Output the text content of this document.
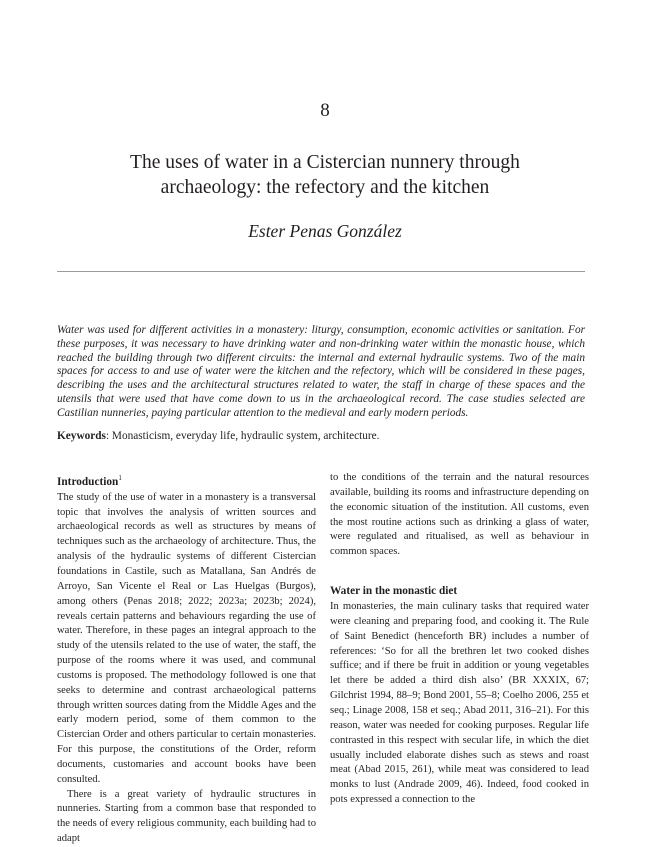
8
The uses of water in a Cistercian nunnery through
archaeology: the refectory and the kitchen
Ester Penas González

Water was used for different activities in a monastery: liturgy, consumption, economic activities or sanitation. For these purposes, it was necessary to have drinking water and non-drinking water within the monastic house, which reached the building through two different circuits: the internal and external hydraulic systems. Two of the main spaces for access to and use of water were the kitchen and the refectory, which will be considered in these pages, describing the uses and the architectural structures related to water, the staff in charge of these spaces and the utensils that were used that have come down to us in the archaeological record. The case studies selected are Castilian nunneries, paying particular attention to the medieval and early modern periods.

Keywords: Monasticism, everyday life, hydraulic system, architecture.

Introduction$^1$

The study of the use of water in a monastery is a transversal topic that involves the analysis of written sources and archaeological records as well as structures by means of techniques such as the archaeology of architecture. Thus, the analysis of the hydraulic systems of different Cistercian foundations in Castile, such as Matallana, San Andrés de Arroyo, San Vicente el Real or Las Huelgas (Burgos), among others (Penas 2018; 2022; 2023a; 2023b; 2024), reveals certain patterns and behaviours regarding the use of water. Therefore, in these pages an integral approach to the study of the utensils related to the use of water, the staff, the purpose of the rooms where it was used, and communal customs is proposed. The methodology followed is one that seeks to determine and contrast archaeological patterns through written sources dating from the Middle Ages and the early modern period, some of them common to the Cistercian Order and others particular to certain monasteries. For this purpose, the constitutions of the Order, reform documents, customaries and account books have been consulted.

There is a great variety of hydraulic structures in nunneries. Starting from a common base that responded to the needs of every religious community, each building had to adapt

to the conditions of the terrain and the natural resources available, building its rooms and infrastructure depending on the economic situation of the institution. All customs, even the most routine actions such as drinking a glass of water, were regulated and ritualised, as well as behaviour in common spaces.

Water in the monastic diet

In monasteries, the main culinary tasks that required water were cleaning and preparing food, and cooking it. The Rule of Saint Benedict (henceforth BR) includes a number of references: ‘So for all the brethren let two cooked dishes suffice; and if there be fruit in addition or young vegetables let there be added a third dish also’ (BR XXXIX, 67; Gilchrist 1994, 88–9; Bond 2001, 55–8; Coelho 2006, 255 et seq.; Linage 2008, 158 et seq.; Abad 2011, 316–21). For this reason, water was needed for cooking purposes. Regular life contrasted in this respect with secular life, in which the diet usually included elaborate dishes such as stews and roast meat (Abad 2015, 261), while meat was considered to lead monks to lust (Andrade 2009, 46). Indeed, food cooked in pots expressed a connection to the
